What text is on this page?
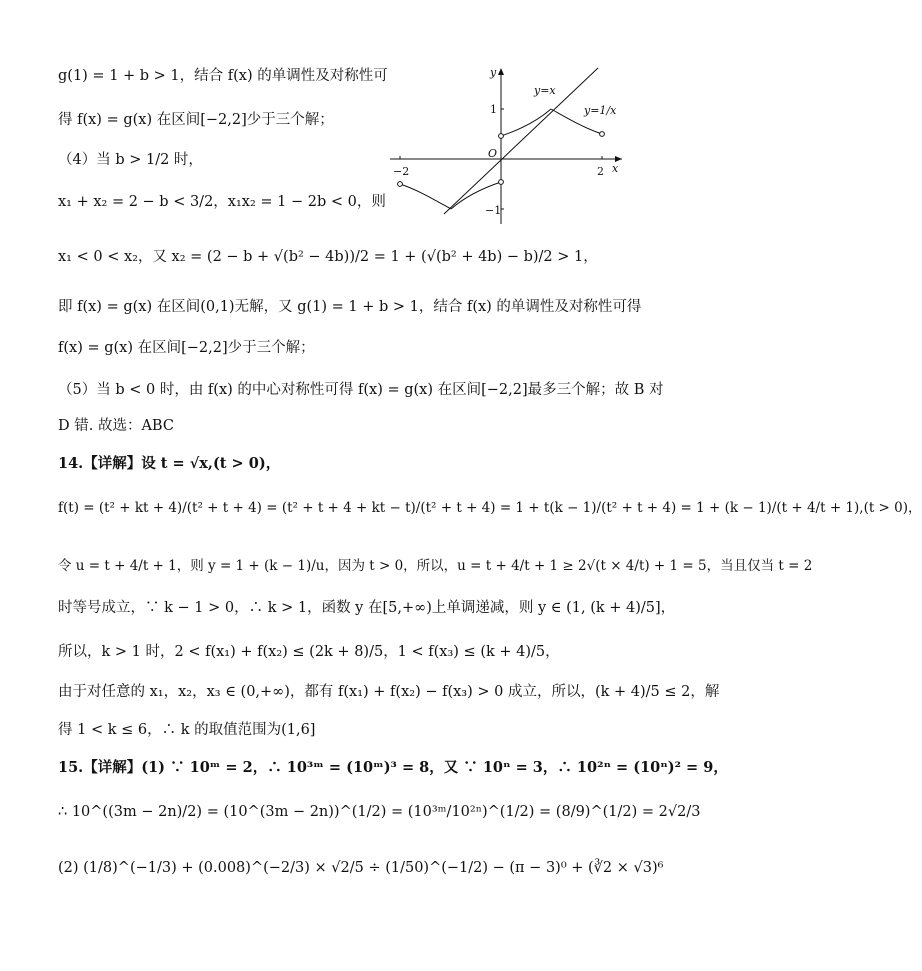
g(1) = 1 + b > 1，结合 f(x) 的单调性及对称性可
得 f(x) = g(x) 在区间[−2,2]少于三个解；
（4）当 b > 1/2 时，
x₁ + x₂ = 2 − b < 3/2，x₁x₂ = 1 − 2b < 0，则
x₁ < 0 < x₂，又 x₂ = (2 − b + √(b² − 4b))/2 = 1 + (√(b² + 4b) − b)/2 > 1，
即 f(x) = g(x) 在区间(0,1)无解，又 g(1) = 1 + b > 1，结合 f(x) 的单调性及对称性可得
f(x) = g(x) 在区间[−2,2]少于三个解；
（5）当 b < 0 时，由 f(x) 的中心对称性可得 f(x) = g(x) 在区间[−2,2]最多三个解；故 B 对
D 错. 故选：ABC
14.【详解】设 t = √x,(t > 0)，
f(t) = (t² + kt + 4)/(t² + t + 4) = (t² + t + 4 + kt − t)/(t² + t + 4) = 1 + t(k − 1)/(t² + t + 4) = 1 + (k − 1)/(t + 4/t + 1),(t > 0)，
令 u = t + 4/t + 1，则 y = 1 + (k − 1)/u，因为 t > 0，所以，u = t + 4/t + 1 ≥ 2√(t × 4/t) + 1 = 5，当且仅当 t = 2
时等号成立，∵ k − 1 > 0，∴ k > 1，函数 y 在[5,+∞)上单调递减，则 y ∈ (1, (k + 4)/5]，
所以，k > 1 时，2 < f(x₁) + f(x₂) ≤ (2k + 8)/5，1 < f(x₃) ≤ (k + 4)/5，
由于对任意的 x₁，x₂，x₃ ∈ (0,+∞)，都有 f(x₁) + f(x₂) − f(x₃) > 0 成立，所以，(k + 4)/5 ≤ 2，解
得 1 < k ≤ 6，∴ k 的取值范围为(1,6]
15.【详解】(1) ∵ 10ᵐ = 2，∴ 10³ᵐ = (10ᵐ)³ = 8，又 ∵ 10ⁿ = 3，∴ 10²ⁿ = (10ⁿ)² = 9，
∴ 10^((3m − 2n)/2) = (10^(3m − 2n))^(1/2) = (10³ᵐ/10²ⁿ)^(1/2) = (8/9)^(1/2) = 2√2/3
(2) (1/8)^(−1/3) + (0.008)^(−2/3) × √2/5 ÷ (1/50)^(−1/2) − (π − 3)⁰ + (∛2 × √3)⁶
y
x
O
−2	2
1
−1
y=x
y=1/x
